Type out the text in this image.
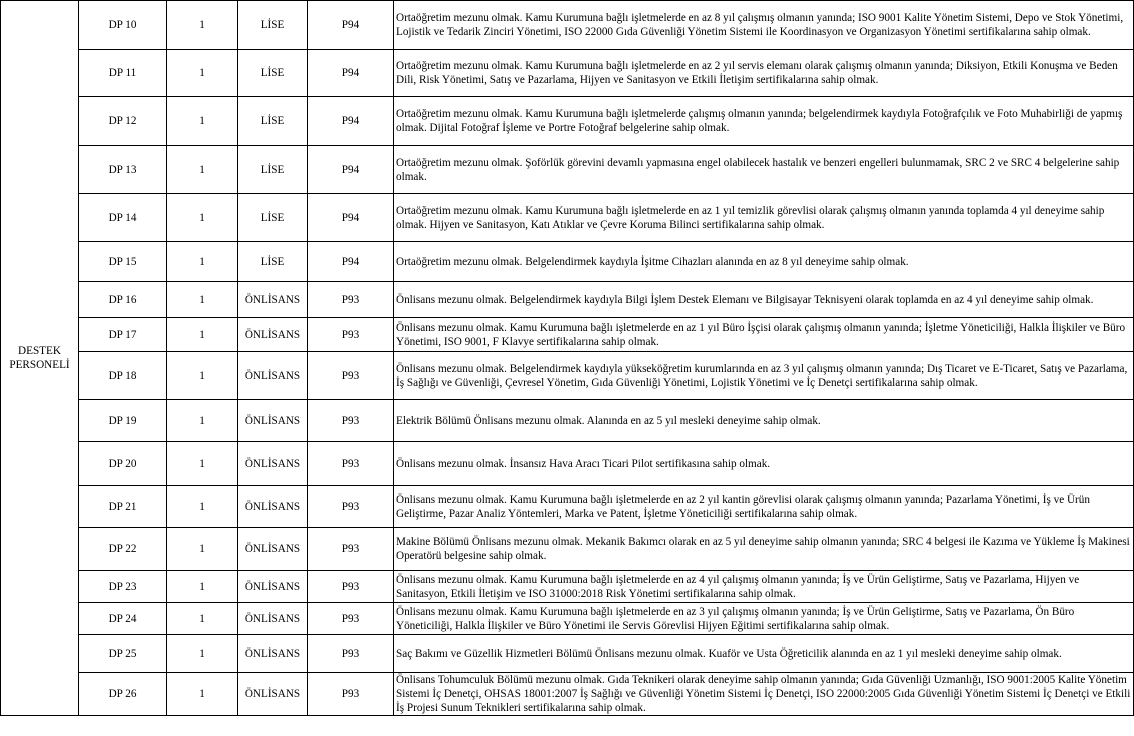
DESTEK
PERSONELİ	DP 10	1	LİSE	P94	Ortaöğretim mezunu olmak. Kamu Kurumuna bağlı işletmelerde en az 8 yıl çalışmış olmanın yanında; ISO 9001 Kalite Yönetim Sistemi, Depo ve Stok Yönetimi, Lojistik ve Tedarik Zinciri Yönetimi, ISO 22000 Gıda Güvenliği Yönetim Sistemi ile Koordinasyon ve Organizasyon Yönetimi sertifikalarına sahip olmak.
	DP 11	1	LİSE	P94	Ortaöğretim mezunu olmak. Kamu Kurumuna bağlı işletmelerde en az 2 yıl servis elemanı olarak çalışmış olmanın yanında; Diksiyon, Etkili Konuşma ve Beden Dili, Risk Yönetimi, Satış ve Pazarlama, Hijyen ve Sanitasyon ve Etkili İletişim sertifikalarına sahip olmak.
	DP 12	1	LİSE	P94	Ortaöğretim mezunu olmak. Kamu Kurumuna bağlı işletmelerde çalışmış olmanın yanında; belgelendirmek kaydıyla Fotoğrafçılık ve Foto Muhabirliği de yapmış olmak. Dijital Fotoğraf İşleme ve Portre Fotoğraf belgelerine sahip olmak.
	DP 13	1	LİSE	P94	Ortaöğretim mezunu olmak. Şoförlük görevini devamlı yapmasına engel olabilecek hastalık ve benzeri engelleri bulunmamak, SRC 2 ve SRC 4 belgelerine sahip olmak.
	DP 14	1	LİSE	P94	Ortaöğretim mezunu olmak. Kamu Kurumuna bağlı işletmelerde en az 1 yıl temizlik görevlisi olarak çalışmış olmanın yanında toplamda 4 yıl deneyime sahip olmak. Hijyen ve Sanitasyon, Katı Atıklar ve Çevre Koruma Bilinci sertifikalarına sahip olmak.
	DP 15	1	LİSE	P94	Ortaöğretim mezunu olmak. Belgelendirmek kaydıyla İşitme Cihazları alanında en az 8 yıl deneyime sahip olmak.
	DP 16	1	ÖNLİSANS	P93	Önlisans mezunu olmak. Belgelendirmek kaydıyla Bilgi İşlem Destek Elemanı ve Bilgisayar Teknisyeni olarak toplamda en az 4 yıl deneyime sahip olmak.
	DP 17	1	ÖNLİSANS	P93	Önlisans mezunu olmak. Kamu Kurumuna bağlı işletmelerde en az 1 yıl Büro İşçisi olarak çalışmış olmanın yanında; İşletme Yöneticiliği, Halkla İlişkiler ve Büro Yönetimi, ISO 9001, F Klavye sertifikalarına sahip olmak.
	DP 18	1	ÖNLİSANS	P93	Önlisans mezunu olmak. Belgelendirmek kaydıyla yükseköğretim kurumlarında en az 3 yıl çalışmış olmanın yanında; Dış Ticaret ve E-Ticaret, Satış ve Pazarlama, İş Sağlığı ve Güvenliği, Çevresel Yönetim, Gıda Güvenliği Yönetimi, Lojistik Yönetimi ve İç Denetçi sertifikalarına sahip olmak.
	DP 19	1	ÖNLİSANS	P93	Elektrik Bölümü Önlisans mezunu olmak. Alanında en az 5 yıl mesleki deneyime sahip olmak.
	DP 20	1	ÖNLİSANS	P93	Önlisans mezunu olmak. İnsansız Hava Aracı Ticari Pilot sertifikasına sahip olmak.
	DP 21	1	ÖNLİSANS	P93	Önlisans mezunu olmak. Kamu Kurumuna bağlı işletmelerde en az 2 yıl kantin görevlisi olarak çalışmış olmanın yanında; Pazarlama Yönetimi, İş ve Ürün Geliştirme, Pazar Analiz Yöntemleri, Marka ve Patent, İşletme Yöneticiliği sertifikalarına sahip olmak.
	DP 22	1	ÖNLİSANS	P93	Makine Bölümü Önlisans mezunu olmak. Mekanik Bakımcı olarak en az 5 yıl deneyime sahip olmanın yanında; SRC 4 belgesi ile Kazıma ve Yükleme İş Makinesi Operatörü belgesine sahip olmak.
	DP 23	1	ÖNLİSANS	P93	Önlisans mezunu olmak. Kamu Kurumuna bağlı işletmelerde en az 4 yıl çalışmış olmanın yanında; İş ve Ürün Geliştirme, Satış ve Pazarlama, Hijyen ve Sanitasyon, Etkili İletişim ve ISO 31000:2018 Risk Yönetimi sertifikalarına sahip olmak.
	DP 24	1	ÖNLİSANS	P93	Önlisans mezunu olmak. Kamu Kurumuna bağlı işletmelerde en az 3 yıl çalışmış olmanın yanında; İş ve Ürün Geliştirme, Satış ve Pazarlama, Ön Büro Yöneticiliği, Halkla İlişkiler ve Büro Yönetimi ile Servis Görevlisi Hijyen Eğitimi sertifikalarına sahip olmak.
	DP 25	1	ÖNLİSANS	P93	Saç Bakımı ve Güzellik Hizmetleri Bölümü Önlisans mezunu olmak. Kuaför ve Usta Öğreticilik alanında en az 1 yıl mesleki deneyime sahip olmak.
	DP 26	1	ÖNLİSANS	P93	Önlisans Tohumculuk Bölümü mezunu olmak. Gıda Teknikeri olarak deneyime sahip olmanın yanında; Gıda Güvenliği Uzmanlığı, ISO 9001:2005 Kalite Yönetim Sistemi İç Denetçi, OHSAS 18001:2007 İş Sağlığı ve Güvenliği Yönetim Sistemi İç Denetçi, ISO 22000:2005 Gıda Güvenliği Yönetim Sistemi İç Denetçi ve Etkili İş Projesi Sunum Teknikleri sertifikalarına sahip olmak.
